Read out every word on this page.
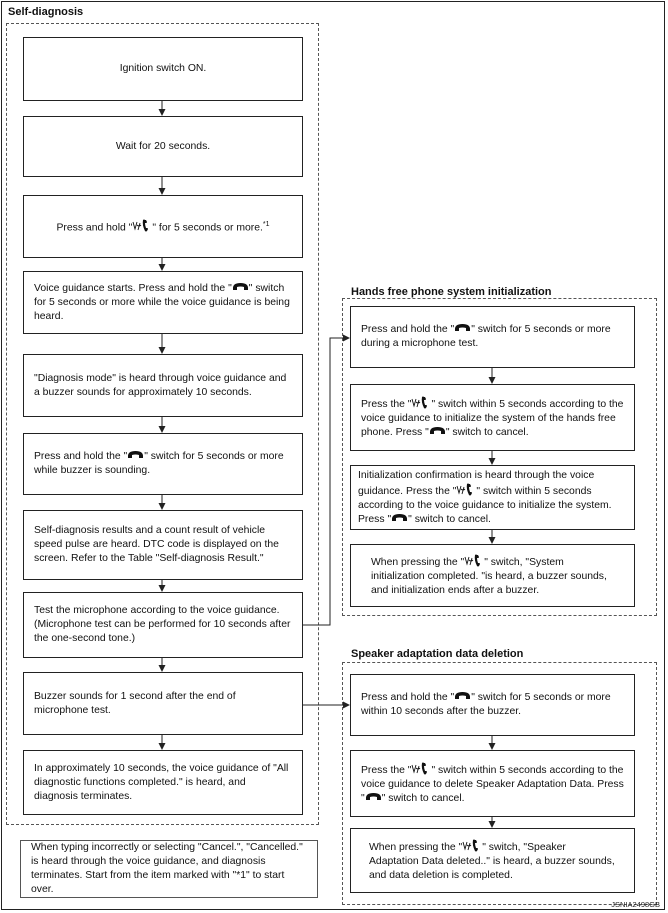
Self-diagnosis
Hands free phone system initialization
Speaker adaptation data deletion
Ignition switch ON.
Wait for 20 seconds.
Press and hold " " for 5 seconds or more.$^{*1}$
Voice guidance starts. Press and hold the " " switch for 5 seconds or more while the voice guidance is being heard.
"Diagnosis mode" is heard through voice guidance and a buzzer sounds for approximately 10 seconds.
Press and hold the " " switch for 5 seconds or more while buzzer is sounding.
Self-diagnosis results and a count result of vehicle speed pulse are heard. DTC code is displayed on the screen. Refer to the Table "Self-diagnosis Result."
Test the microphone according to the voice guidance. (Microphone test can be performed for 10 seconds after the one-second tone.)
Buzzer sounds for 1 second after the end of microphone test.
In approximately 10 seconds, the voice guidance of "All diagnostic functions completed." is heard, and diagnosis terminates.
When typing incorrectly or selecting "Cancel.", "Cancelled." is heard through the voice guidance, and diagnosis terminates. Start from the item marked with "*1" to start over.
Press and hold the " " switch for 5 seconds or more during a microphone test.
Press the " " switch within 5 seconds according to the voice guidance to initialize the system of the hands free phone. Press " " switch to cancel.
Initialization confirmation is heard through the voice guidance. Press the " " switch within 5 seconds according to the voice guidance to initialize the system. Press " " switch to cancel.
When pressing the " " switch, "System initialization completed. "is heard, a buzzer sounds, and initialization ends after a buzzer.
Press and hold the " " switch for 5 seconds or more within 10 seconds after the buzzer.
Press the " " switch within 5 seconds according to the voice guidance to delete Speaker Adaptation Data. Press " " switch to cancel.
When pressing the " " switch, "Speaker Adaptation Data deleted.." is heard, a buzzer sounds, and data deletion is completed.
JSNIA2498GB
